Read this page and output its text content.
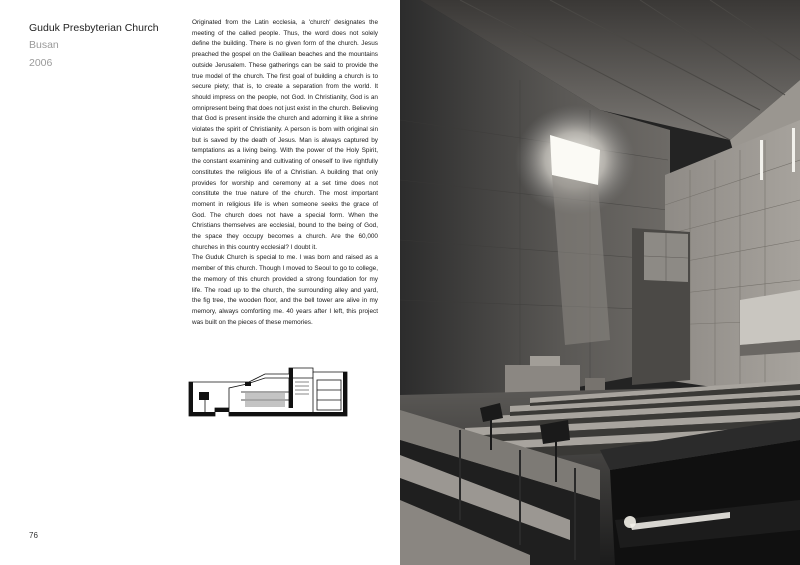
Guduk Presbyterian Church
Busan
2006

Originated from the Latin ecclesia, a 'church' designates the meeting of the called people. Thus, the word does not solely define the building. There is no given form of the church. Jesus preached the gospel on the Galilean beaches and the mountains outside Jerusalem. These gatherings can be said to provide the true model of the church. The first goal of building a church is to secure piety; that is, to create a separation from the world. It should impress on the people, not God. In Christianity, God is an omnipresent being that does not just exist in the church. Believing that God is present inside the church and adorning it like a shrine violates the spirit of Christianity. A person is born with original sin but is saved by the death of Jesus. Man is always captured by temptations as a living being. With the power of the Holy Spirit, the constant examining and cultivating of oneself to live rightfully constitutes the religious life of a Christian. A building that only provides for worship and ceremony at a set time does not constitute the true nature of the church. The most important moment in religious life is when someone seeks the grace of God. The church does not have a special form. When the Christians themselves are ecclesial, bound to the being of God, the space they occupy becomes a church. Are the 60,000 churches in this country ecclesial? I doubt it.

The Guduk Church is special to me. I was born and raised as a member of this church. Though I moved to Seoul to go to college, the memory of this church provided a strong foundation for my life. The road up to the church, the surrounding alley and yard, the fig tree, the wooden floor, and the bell tower are alive in my memory, always comforting me. 40 years after I left, this project was built on the pieces of these memories.

76
